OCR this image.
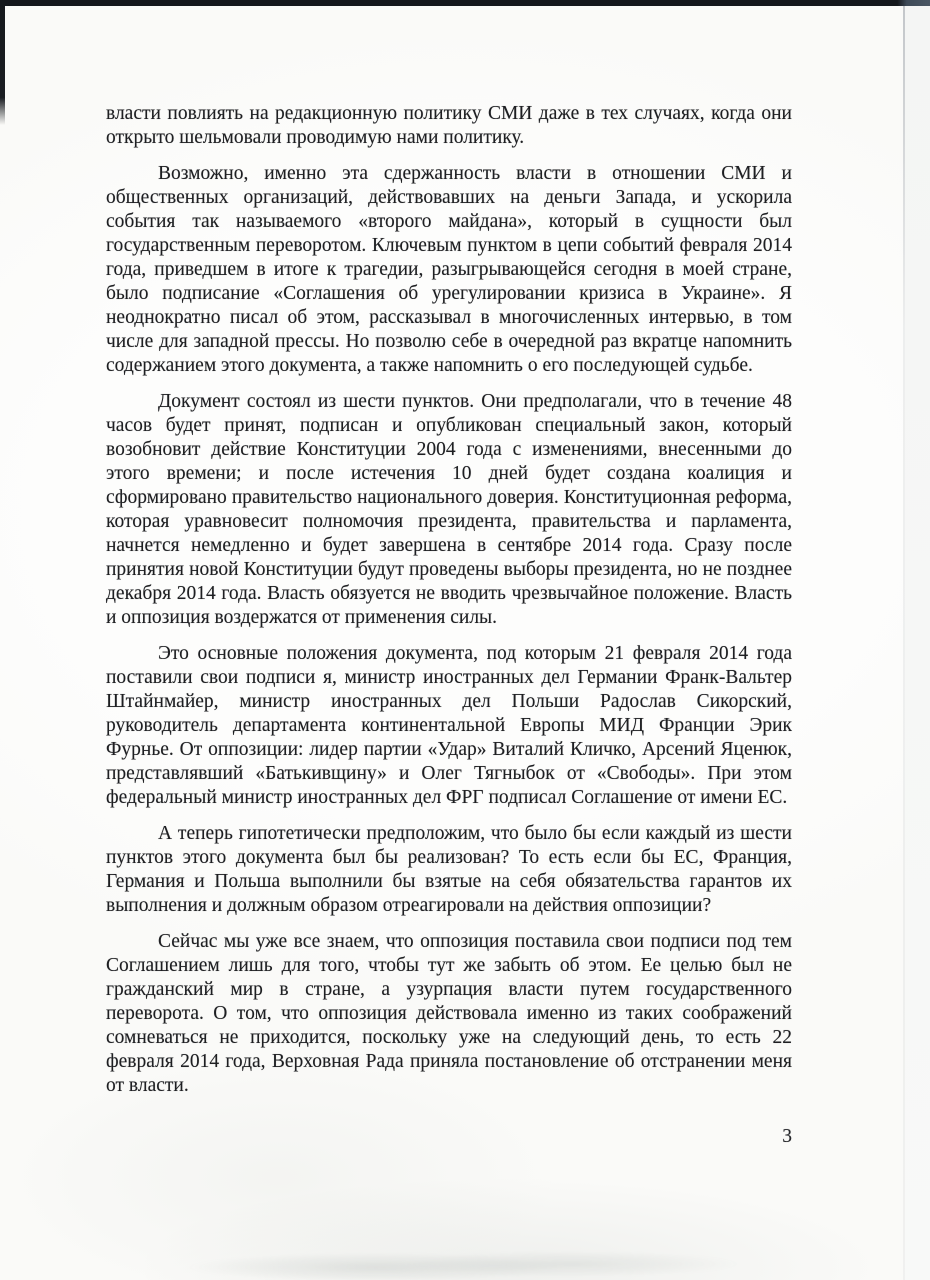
власти повлиять на редакционную политику СМИ даже в тех случаях, когда они открыто шельмовали проводимую нами политику.

Возможно, именно эта сдержанность власти в отношении СМИ и общественных организаций, действовавших на деньги Запада, и ускорила события так называемого «второго майдана», который в сущности был государственным переворотом. Ключевым пунктом в цепи событий февраля 2014 года, приведшем в итоге к трагедии, разыгрывающейся сегодня в моей стране, было подписание «Соглашения об урегулировании кризиса в Украине». Я неоднократно писал об этом, рассказывал в многочисленных интервью, в том числе для западной прессы. Но позволю себе в очередной раз вкратце напомнить содержанием этого документа, а также напомнить о его последующей судьбе.

Документ состоял из шести пунктов. Они предполагали, что в течение 48 часов будет принят, подписан и опубликован специальный закон, который возобновит действие Конституции 2004 года с изменениями, внесенными до этого времени; и после истечения 10 дней будет создана коалиция и сформировано правительство национального доверия. Конституционная реформа, которая уравновесит полномочия президента, правительства и парламента, начнется немедленно и будет завершена в сентябре 2014 года. Сразу после принятия новой Конституции будут проведены выборы президента, но не позднее декабря 2014 года. Власть обязуется не вводить чрезвычайное положение. Власть и оппозиция воздержатся от применения силы.

Это основные положения документа, под которым 21 февраля 2014 года поставили свои подписи я, министр иностранных дел Германии Франк-Вальтер Штайнмайер, министр иностранных дел Польши Радослав Сикорский, руководитель департамента континентальной Европы МИД Франции Эрик Фурнье. От оппозиции: лидер партии «Удар» Виталий Кличко, Арсений Яценюк, представлявший «Батькивщину» и Олег Тягныбок от «Свободы». При этом федеральный министр иностранных дел ФРГ подписал Соглашение от имени ЕС.

А теперь гипотетически предположим, что было бы если каждый из шести пунктов этого документа был бы реализован? То есть если бы ЕС, Франция, Германия и Польша выполнили бы взятые на себя обязательства гарантов их выполнения и должным образом отреагировали на действия оппозиции?

Сейчас мы уже все знаем, что оппозиция поставила свои подписи под тем Соглашением лишь для того, чтобы тут же забыть об этом. Ее целью был не гражданский мир в стране, а узурпация власти путем государственного переворота. О том, что оппозиция действовала именно из таких соображений сомневаться не приходится, поскольку уже на следующий день, то есть 22 февраля 2014 года, Верховная Рада приняла постановление об отстранении меня от власти.

3
